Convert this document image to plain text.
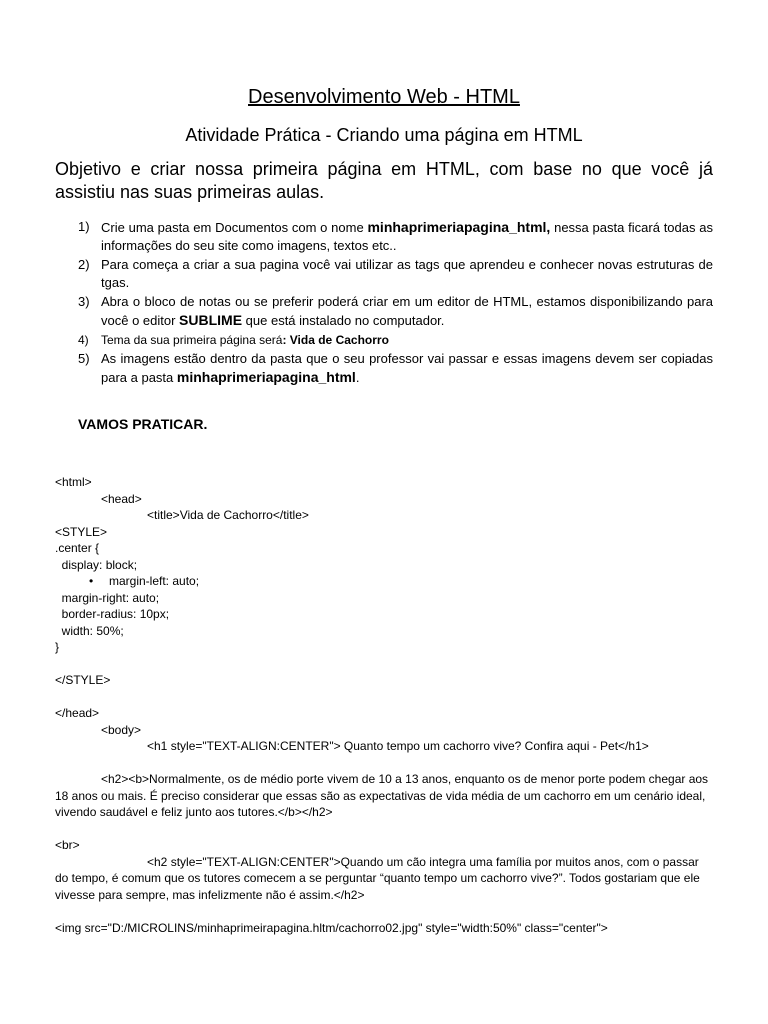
Desenvolvimento Web - HTML
Atividade Prática - Criando uma página em HTML
Objetivo e criar nossa primeira página em HTML, com base no que você já assistiu nas suas primeiras aulas.
1) Crie uma pasta em Documentos com o nome minhaprimeriapagina_html, nessa pasta ficará todas as informações do seu site como imagens, textos etc..
2) Para começa a criar a sua pagina você vai utilizar as tags que aprendeu e conhecer novas estruturas de tgas.
3) Abra o bloco de notas ou se preferir poderá criar em um editor de HTML, estamos disponibilizando para você o editor SUBLIME que está instalado no computador.
4) Tema da sua primeira página será: Vida de Cachorro
5) As imagens estão dentro da pasta que o seu professor vai passar e essas imagens devem ser copiadas para a pasta minhaprimeriapagina_html.
VAMOS PRATICAR.
<html>
<head>
<title>Vida de Cachorro</title>
<STYLE>
.center {
display: block;
• margin-left: auto;
margin-right: auto;
border-radius: 10px;
width: 50%;
}
</STYLE>
</head>
<body>
<h1 style="TEXT-ALIGN:CENTER"> Quanto tempo um cachorro vive? Confira aqui - Pet</h1>
<h2><b>Normalmente, os de médio porte vivem de 10 a 13 anos, enquanto os de menor porte podem chegar aos 18 anos ou mais. É preciso considerar que essas são as expectativas de vida média de um cachorro em um cenário ideal, vivendo saudável e feliz junto aos tutores.</b></h2>
<br>
<h2 style="TEXT-ALIGN:CENTER">Quando um cão integra uma família por muitos anos, com o passar do tempo, é comum que os tutores comecem a se perguntar “quanto tempo um cachorro vive?”. Todos gostariam que ele vivesse para sempre, mas infelizmente não é assim.</h2>
<img src="D:/MICROLINS/minhaprimeirapagina.hltm/cachorro02.jpg" style="width:50%" class="center">
